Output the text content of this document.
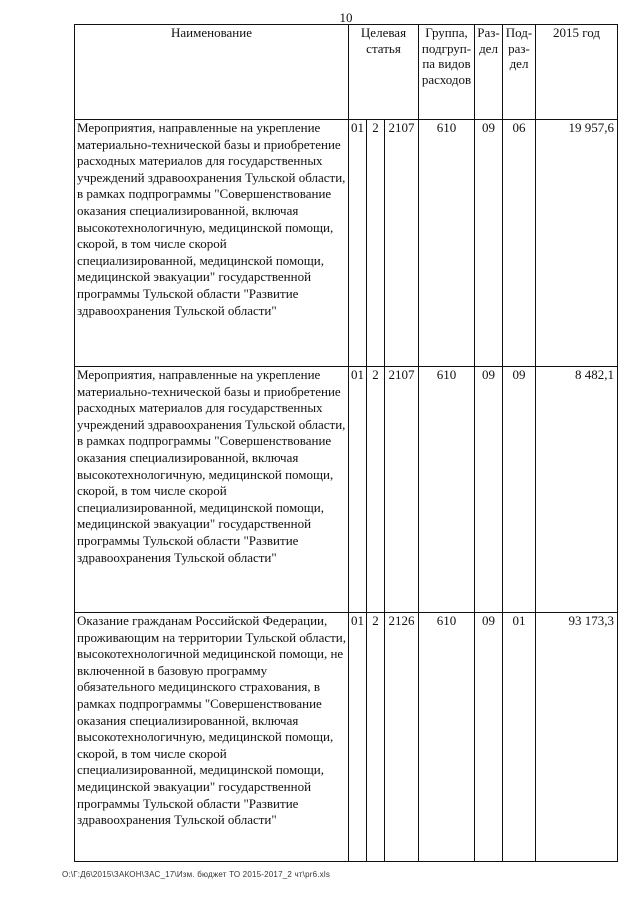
10
Наименование	Целевая статья			Группа, подгруп-па видов расходов	Раз-дел	Под-раз-дел	2015 год
Мероприятия, направленные на укрепление материально-технической базы и приобретение расходных материалов для государственных учреждений здравоохранения Тульской области, в рамках подпрограммы "Совершенствование оказания специализированной, включая высокотехнологичную, медицинской помощи, скорой, в том числе скорой специализированной, медицинской помощи, медицинской эвакуации" государственной программы Тульской области "Развитие здравоохранения Тульской области"	01	2	2107	610	09	06	19 957,6
Мероприятия, направленные на укрепление материально-технической базы и приобретение расходных материалов для государственных учреждений здравоохранения Тульской области, в рамках подпрограммы "Совершенствование оказания специализированной, включая высокотехнологичную, медицинской помощи, скорой, в том числе скорой специализированной, медицинской помощи, медицинской эвакуации" государственной программы Тульской области "Развитие здравоохранения Тульской области"	01	2	2107	610	09	09	8 482,1
Оказание гражданам Российской Федерации, проживающим на территории Тульской области, высокотехнологичной медицинской помощи, не включенной в базовую программу обязательного медицинского страхования, в рамках подпрограммы "Совершенствование оказания специализированной, включая высокотехнологичную, медицинской помощи, скорой, в том числе скорой специализированной, медицинской помощи, медицинской эвакуации" государственной программы Тульской области "Развитие здравоохранения Тульской области"	01	2	2126	610	09	01	93 173,3
O:\Г:Д6\2015\ЗАКОН\ЗАС_17\Изм. бюджет ТО 2015-2017_2 чт\pr6.xls
